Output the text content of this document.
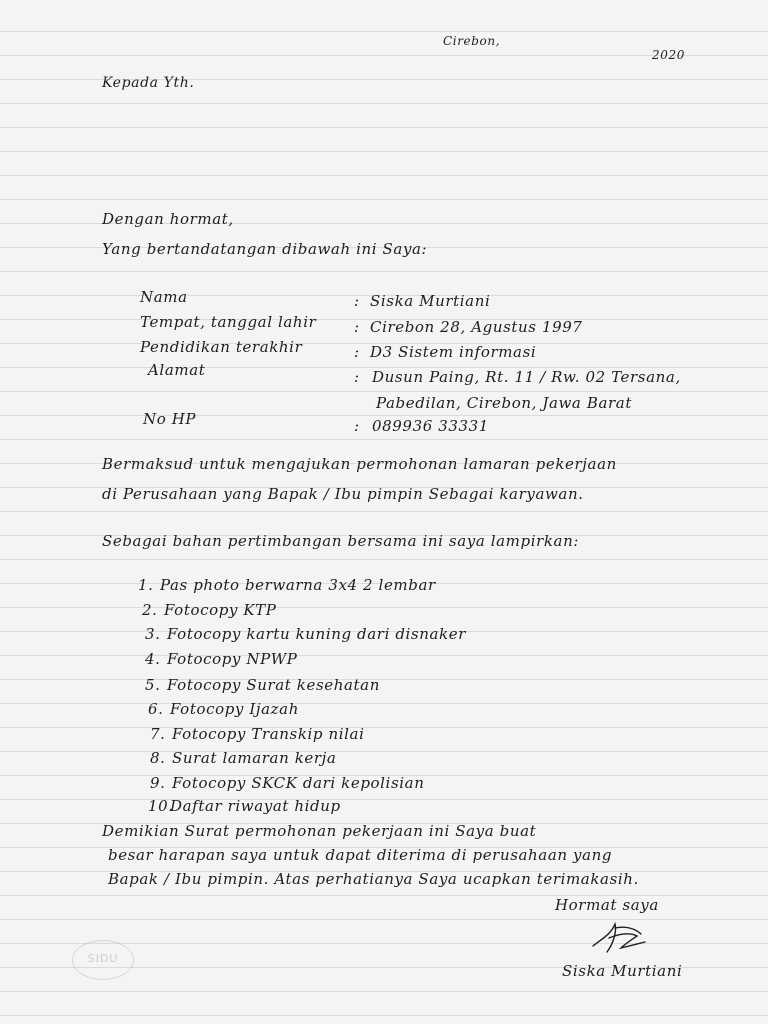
Cirebon,
2020
Kepada Yth.
Dengan hormat,
Yang bertandatangan dibawah ini Saya:
Nama	: Siska Murtiani
Tempat, tanggal lahir	: Cirebon 28, Agustus 1997
Pendidikan terakhir	: D3 Sistem informasi
Alamat	: Dusun Paing, Rt. 11 / Rw. 02 Tersana,
Pabedilan, Cirebon, Jawa Barat
No HP	: 089936 33331
Bermaksud untuk mengajukan permohonan lamaran pekerjaan
di Perusahaan yang Bapak / Ibu pimpin Sebagai karyawan.
Sebagai bahan pertimbangan bersama ini saya lampirkan:
1. Pas photo berwarna 3x4 2 lembar
2. Fotocopy KTP
3. Fotocopy kartu kuning dari disnaker
4. Fotocopy NPWP
5. Fotocopy Surat kesehatan
6. Fotocopy Ijazah
7. Fotocopy Transkip nilai
8. Surat lamaran kerja
9. Fotocopy SKCK dari kepolisian
10.Daftar riwayat hidup
Demikian Surat permohonan pekerjaan ini Saya buat
besar harapan saya untuk dapat diterima di perusahaan yang
Bapak / Ibu pimpin. Atas perhatianya Saya ucapkan terimakasih.
Hormat saya
Siska Murtiani
SIDU
